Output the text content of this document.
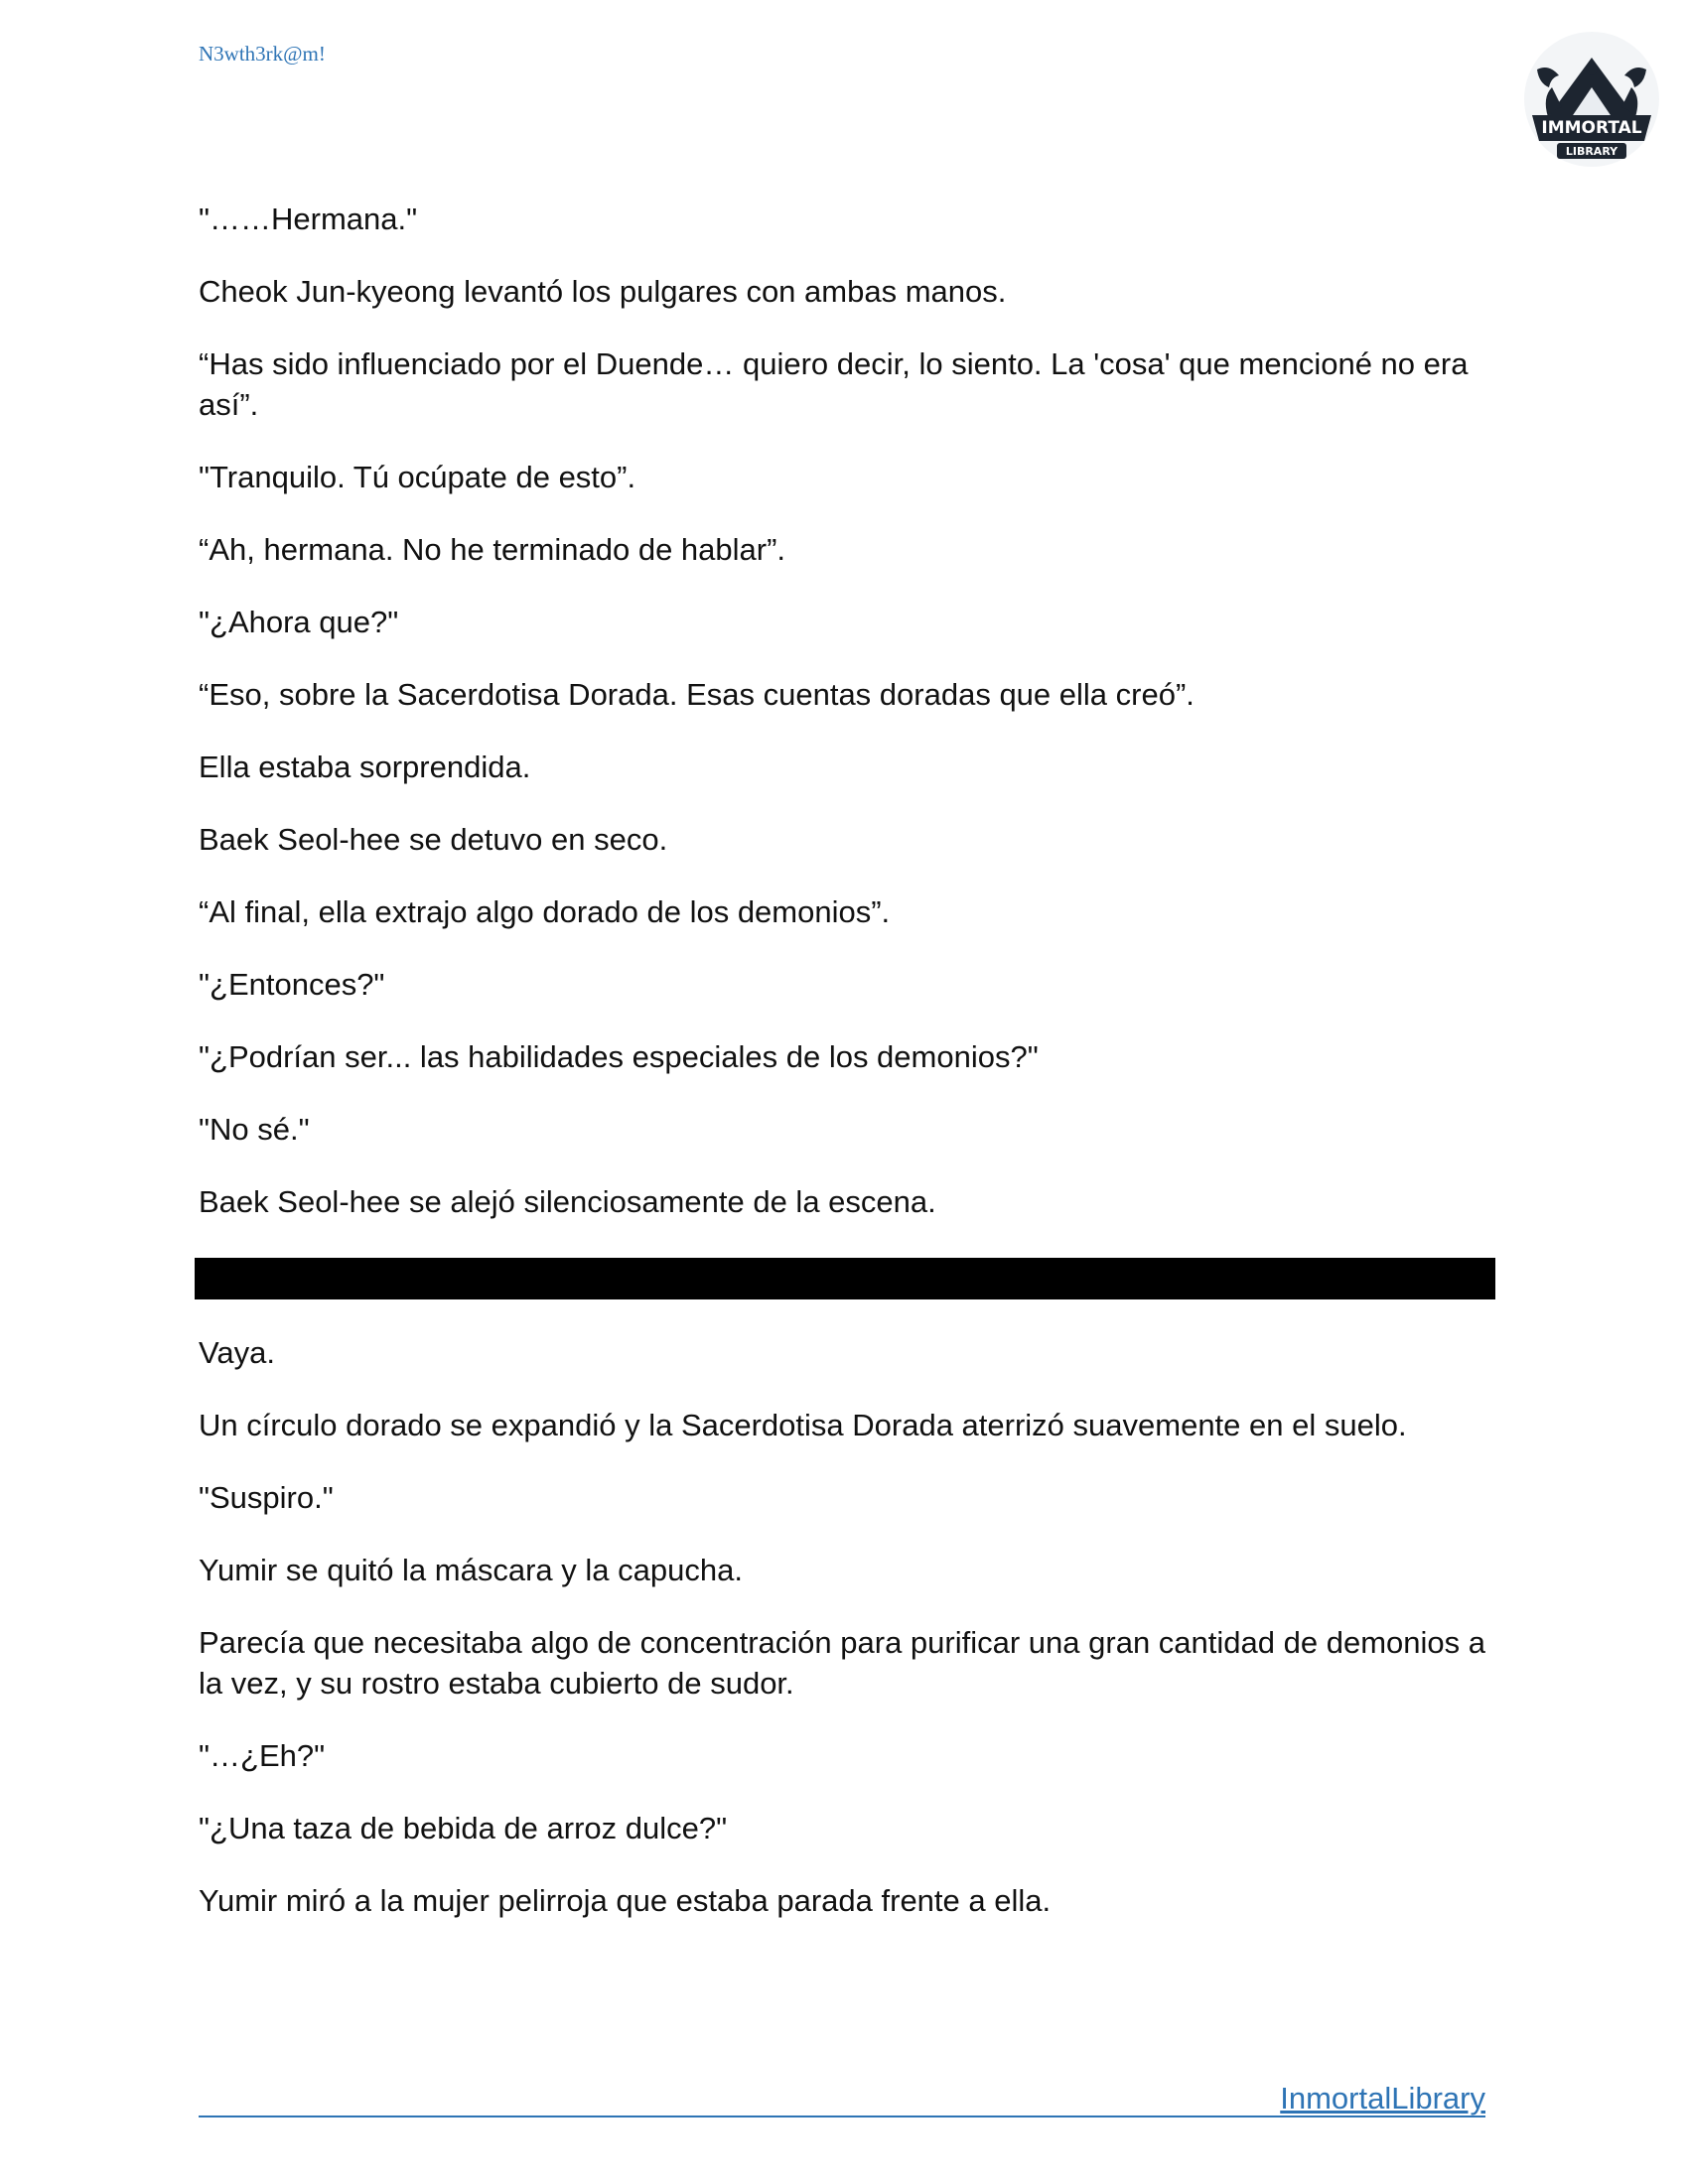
N3wth3rk@m!
IMMORTAL
LIBRARY

"……Hermana."

Cheok Jun-kyeong levantó los pulgares con ambas manos.

“Has sido influenciado por el Duende… quiero decir, lo siento. La 'cosa' que mencioné no era así”.

"Tranquilo. Tú ocúpate de esto”.

“Ah, hermana. No he terminado de hablar”.

"¿Ahora que?"

“Eso, sobre la Sacerdotisa Dorada. Esas cuentas doradas que ella creó”.

Ella estaba sorprendida.

Baek Seol-hee se detuvo en seco.

“Al final, ella extrajo algo dorado de los demonios”.

"¿Entonces?"

"¿Podrían ser... las habilidades especiales de los demonios?"

"No sé."

Baek Seol-hee se alejó silenciosamente de la escena.

Vaya.

Un círculo dorado se expandió y la Sacerdotisa Dorada aterrizó suavemente en el suelo.

"Suspiro."

Yumir se quitó la máscara y la capucha.

Parecía que necesitaba algo de concentración para purificar una gran cantidad de demonios a la vez, y su rostro estaba cubierto de sudor.

"…¿Eh?"

"¿Una taza de bebida de arroz dulce?"

Yumir miró a la mujer pelirroja que estaba parada frente a ella.

InmortalLibrary
